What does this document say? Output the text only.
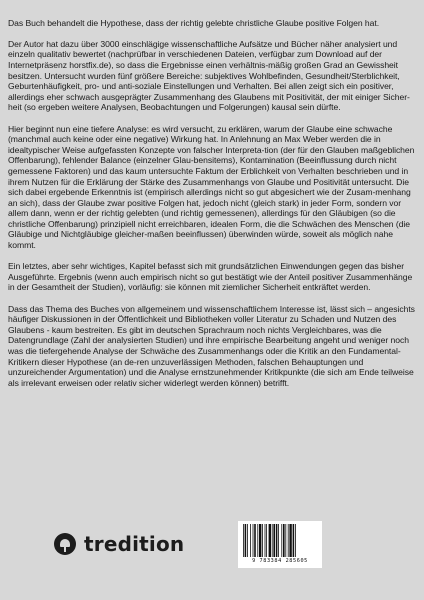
Das Buch behandelt die Hypothese, dass der richtig gelebte christliche Glaube positive Folgen hat.

Der Autor hat dazu über 3000 einschlägige wissenschaftliche Aufsätze und Bücher näher analysiert und einzeln qualitativ bewertet (nachprüfbar in verschiedenen Dateien, verfügbar zum Download auf der Internetpräsenz horstfix.de), so dass die Ergebnisse einen verhältnis-mäßig großen Grad an Gewissheit besitzen. Untersucht wurden fünf größere Bereiche: subjektives Wohlbefinden, Gesundheit/Sterblichkeit, Geburtenhäufigkeit, pro- und anti-soziale Einstellungen und Verhalten. Bei allen zeigt sich ein positiver, allerdings eher schwach ausgeprägter Zusammenhang des Glaubens mit Positivität, der mit einiger Sicher-heit (so ergeben weitere Analysen, Beobachtungen und Folgerungen) kausal sein dürfte.

Hier beginnt nun eine tiefere Analyse: es wird versucht, zu erklären, warum der Glaube eine schwache (manchmal auch keine oder eine negative) Wirkung hat. In Anlehnung an Max Weber werden die in idealtypischer Weise aufgefassten Konzepte von falscher Interpreta-tion (der für den Glauben maßgeblichen Offenbarung), fehlender Balance (einzelner Glau-bensitems), Kontamination (Beeinflussung durch nicht gemessene Faktoren) und das kaum untersuchte Faktum der Erblichkeit von Verhalten beschrieben und in ihrem Nutzen für die Erklärung der Stärke des Zusammenhangs von Glaube und Positivität untersucht. Die sich dabei ergebende Erkenntnis ist (empirisch allerdings nicht so gut abgesichert wie der Zusam-menhang an sich), dass der Glaube zwar positive Folgen hat, jedoch nicht (gleich stark) in jeder Form, sondern vor allem dann, wenn er der richtig gelebten (und richtig gemessenen), allerdings für den Gläubigen (so die christliche Offenbarung) prinzipiell nicht erreichbaren, idealen Form, die die Schwächen des Menschen (die Gläubige und Nichtgläubige gleicher-maßen beeinflussen) überwinden würde, soweit als möglich nahe kommt.

Ein letztes, aber sehr wichtiges, Kapitel befasst sich mit grundsätzlichen Einwendungen gegen das bisher Ausgeführte. Ergebnis (wenn auch empirisch nicht so gut bestätigt wie der Anteil positiver Zusammenhänge in der Gesamtheit der Studien), vorläufig: sie können mit ziemlicher Sicherheit entkräftet werden.

Dass das Thema des Buches von allgemeinem und wissenschaftlichem Interesse ist, lässt sich – angesichts häufiger Diskussionen in der Öffentlichkeit und Bibliotheken voller Literatur zu Schaden und Nutzen des Glaubens - kaum bestreiten. Es gibt im deutschen Sprachraum noch nichts Vergleichbares, was die Datengrundlage (Zahl der analysierten Studien) und ihre empirische Bearbeitung angeht und weniger noch was die tiefergehende Analyse der Schwäche des Zusammenhangs oder die Kritik an den Fundamental-Kritikern dieser Hypothese (an de-ren unzuverlässigen Methoden, falschen Behauptungen und unzureichender Argumentation) und die Analyse ernstzunehmender Kritikpunkte (die sich am Ende teilweise als irrelevant erweisen oder relativ sicher widerlegt werden können) betrifft.

tredition
9 783384 285605
